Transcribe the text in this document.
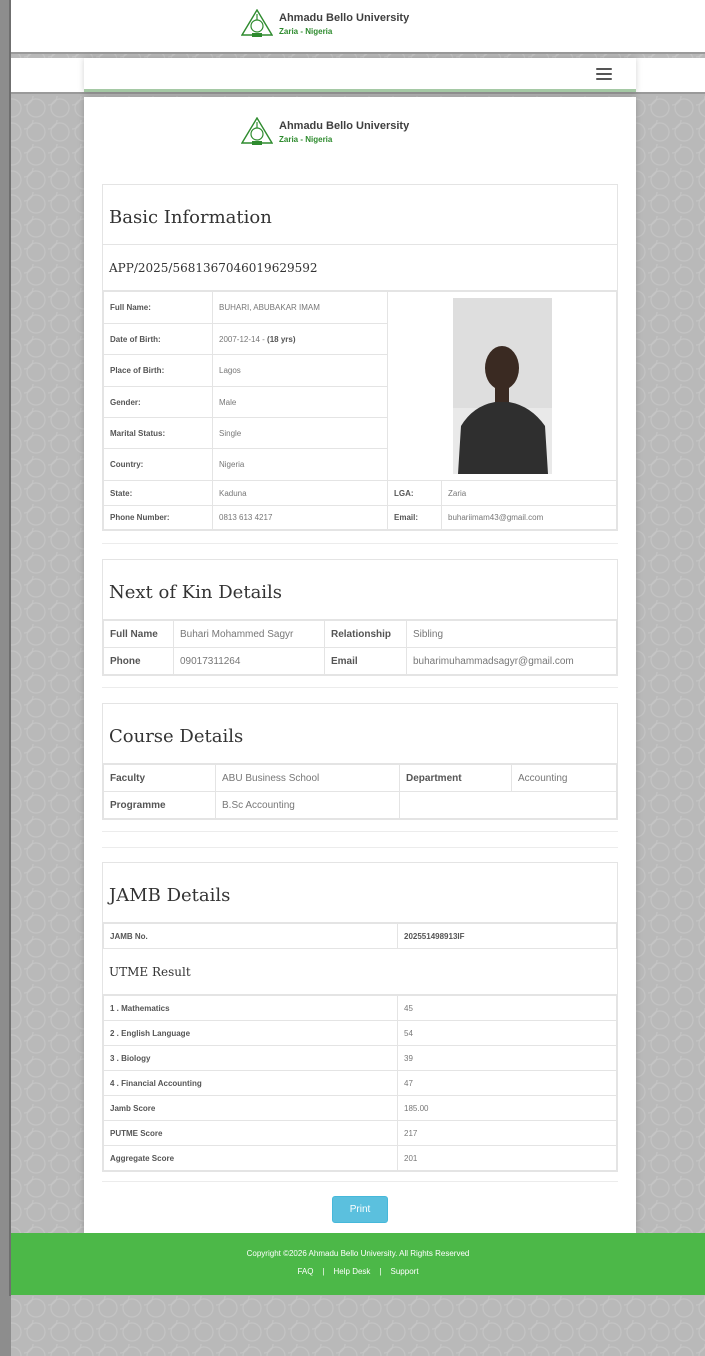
Ahmadu Bello University
Zaria - Nigeria
Ahmadu Bello University
Zaria - Nigeria
Basic Information
APP/2025/5681367046019629592
Full Name:	BUHARI, ABUBAKAR IMAM	

Date of Birth:	2007-12-14 - (18 yrs)		
Place of Birth:	Lagos		
Gender:	Male		
Marital Status:	Single		
Country:	Nigeria		
State:	Kaduna	LGA:	Zaria
Phone Number:	0813 613 4217	Email:	buhariimam43@gmail.com
Next of Kin Details
Full Name	Buhari Mohammed Sagyr	Relationship	Sibling
Phone	09017311264	Email	buharimuhammadsagyr@gmail.com
Course Details
Faculty	ABU Business School	Department	Accounting
Programme	B.Sc Accounting		
JAMB Details
JAMB No.	202551498913IF
UTME Result
1 . Mathematics	45
2 . English Language	54
3 . Biology	39
4 . Financial Accounting	47
Jamb Score	185.00
PUTME Score	217
Aggregate Score	201
Print
Copyright ©2026 Ahmadu Bello University. All Rights Reserved
FAQ | Help Desk | Support
